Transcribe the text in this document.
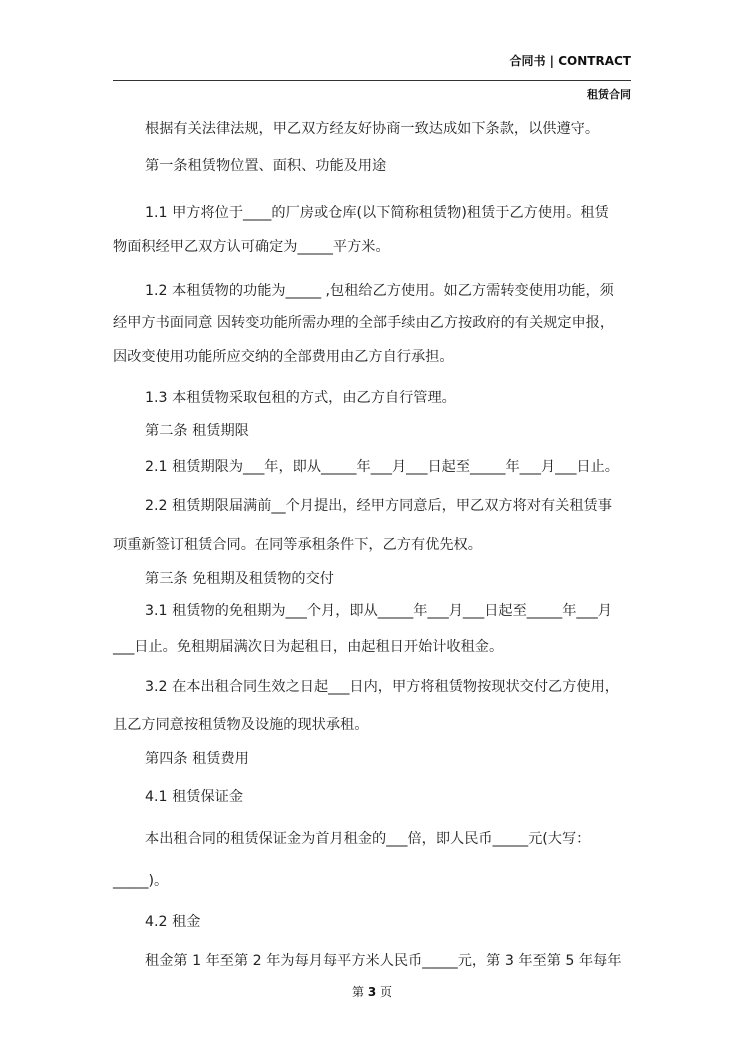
合同书 | CONTRACT
租赁合同
根据有关法律法规，甲乙双方经友好协商一致达成如下条款，以供遵守。
第一条租赁物位置、面积、功能及用途
1.1 甲方将位于____的厂房或仓库(以下简称租赁物)租赁于乙方使用。租赁
物面积经甲乙双方认可确定为_____平方米。
1.2 本租赁物的功能为_____ ,包租给乙方使用。如乙方需转变使用功能，须
经甲方书面同意 因转变功能所需办理的全部手续由乙方按政府的有关规定申报，
因改变使用功能所应交纳的全部费用由乙方自行承担。
1.3 本租赁物采取包租的方式，由乙方自行管理。
第二条 租赁期限
2.1 租赁期限为___年，即从_____年___月___日起至_____年___月___日止。
2.2 租赁期限届满前__个月提出，经甲方同意后，甲乙双方将对有关租赁事
项重新签订租赁合同。在同等承租条件下，乙方有优先权。
第三条 免租期及租赁物的交付
3.1 租赁物的免租期为___个月，即从_____年___月___日起至_____年___月
___日止。免租期届满次日为起租日，由起租日开始计收租金。
3.2 在本出租合同生效之日起___日内，甲方将租赁物按现状交付乙方使用，
且乙方同意按租赁物及设施的现状承租。
第四条 租赁费用
4.1 租赁保证金
本出租合同的租赁保证金为首月租金的___倍，即人民币_____元(大写：
_____)。
4.2 租金
租金第 1 年至第 2 年为每月每平方米人民币_____元，第 3 年至第 5 年每年
第 3 页
